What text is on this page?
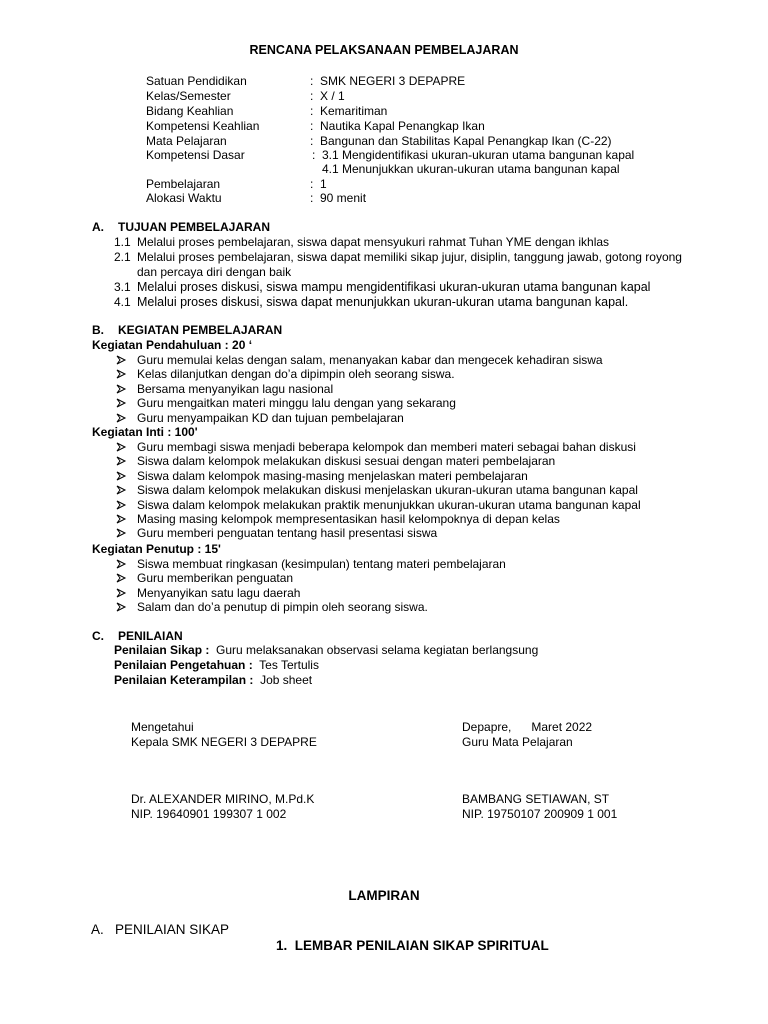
RENCANA PELAKSANAAN PEMBELAJARAN
Satuan Pendidikan	: SMK NEGERI 3 DEPAPRE
Kelas/Semester	: X / 1
Bidang Keahlian	: Kemaritiman
Kompetensi Keahlian	: Nautika Kapal Penangkap Ikan
Mata Pelajaran	: Bangunan dan Stabilitas Kapal Penangkap Ikan (C-22)
Kompetensi Dasar	: 3.1 Mengidentifikasi ukuran-ukuran utama bangunan kapal
4.1 Menunjukkan ukuran-ukuran utama bangunan kapal
Pembelajaran	: 1
Alokasi Waktu	: 90 menit
A. TUJUAN PEMBELAJARAN
1.1 Melalui proses pembelajaran, siswa dapat mensyukuri rahmat Tuhan YME dengan ikhlas
2.1 Melalui proses pembelajaran, siswa dapat memiliki sikap jujur, disiplin, tanggung jawab, gotong royong dan percaya diri dengan baik
3.1 Melalui proses diskusi, siswa mampu mengidentifikasi ukuran-ukuran utama bangunan kapal
4.1 Melalui proses diskusi, siswa dapat menunjukkan ukuran-ukuran utama bangunan kapal.
B. KEGIATAN PEMBELAJARAN
Kegiatan Pendahuluan : 20 ‘
Guru memulai kelas dengan salam, menanyakan kabar dan mengecek kehadiran siswa
Kelas dilanjutkan dengan do’a dipimpin oleh seorang siswa.
Bersama menyanyikan lagu nasional
Guru mengaitkan materi minggu lalu dengan yang sekarang
Guru menyampaikan KD dan tujuan pembelajaran
Kegiatan Inti : 100'
Guru membagi siswa menjadi beberapa kelompok dan memberi materi sebagai bahan diskusi
Siswa dalam kelompok melakukan diskusi sesuai dengan materi pembelajaran
Siswa dalam kelompok masing-masing menjelaskan materi pembelajaran
Siswa dalam kelompok melakukan diskusi menjelaskan ukuran-ukuran utama bangunan kapal
Siswa dalam kelompok melakukan praktik menunjukkan ukuran-ukuran utama bangunan kapal
Masing masing kelompok mempresentasikan hasil kelompoknya di depan kelas
Guru memberi penguatan tentang hasil presentasi siswa
Kegiatan Penutup : 15'
Siswa membuat ringkasan (kesimpulan) tentang materi pembelajaran
Guru memberikan penguatan
Menyanyikan satu lagu daerah
Salam dan do’a penutup di pimpin oleh seorang siswa.
C. PENILAIAN
Penilaian Sikap : Guru melaksanakan observasi selama kegiatan berlangsung
Penilaian Pengetahuan : Tes Tertulis
Penilaian Keterampilan : Job sheet
Mengetahui
Kepala SMK NEGERI 3 DEPAPRE
Dr. ALEXANDER MIRINO, M.Pd.K
NIP. 19640901 199307 1 002
Depapre,      Maret 2022
Guru Mata Pelajaran
BAMBANG SETIAWAN, ST
NIP. 19750107 200909 1 001
LAMPIRAN
A.   PENILAIAN SIKAP
1.  LEMBAR PENILAIAN SIKAP SPIRITUAL
